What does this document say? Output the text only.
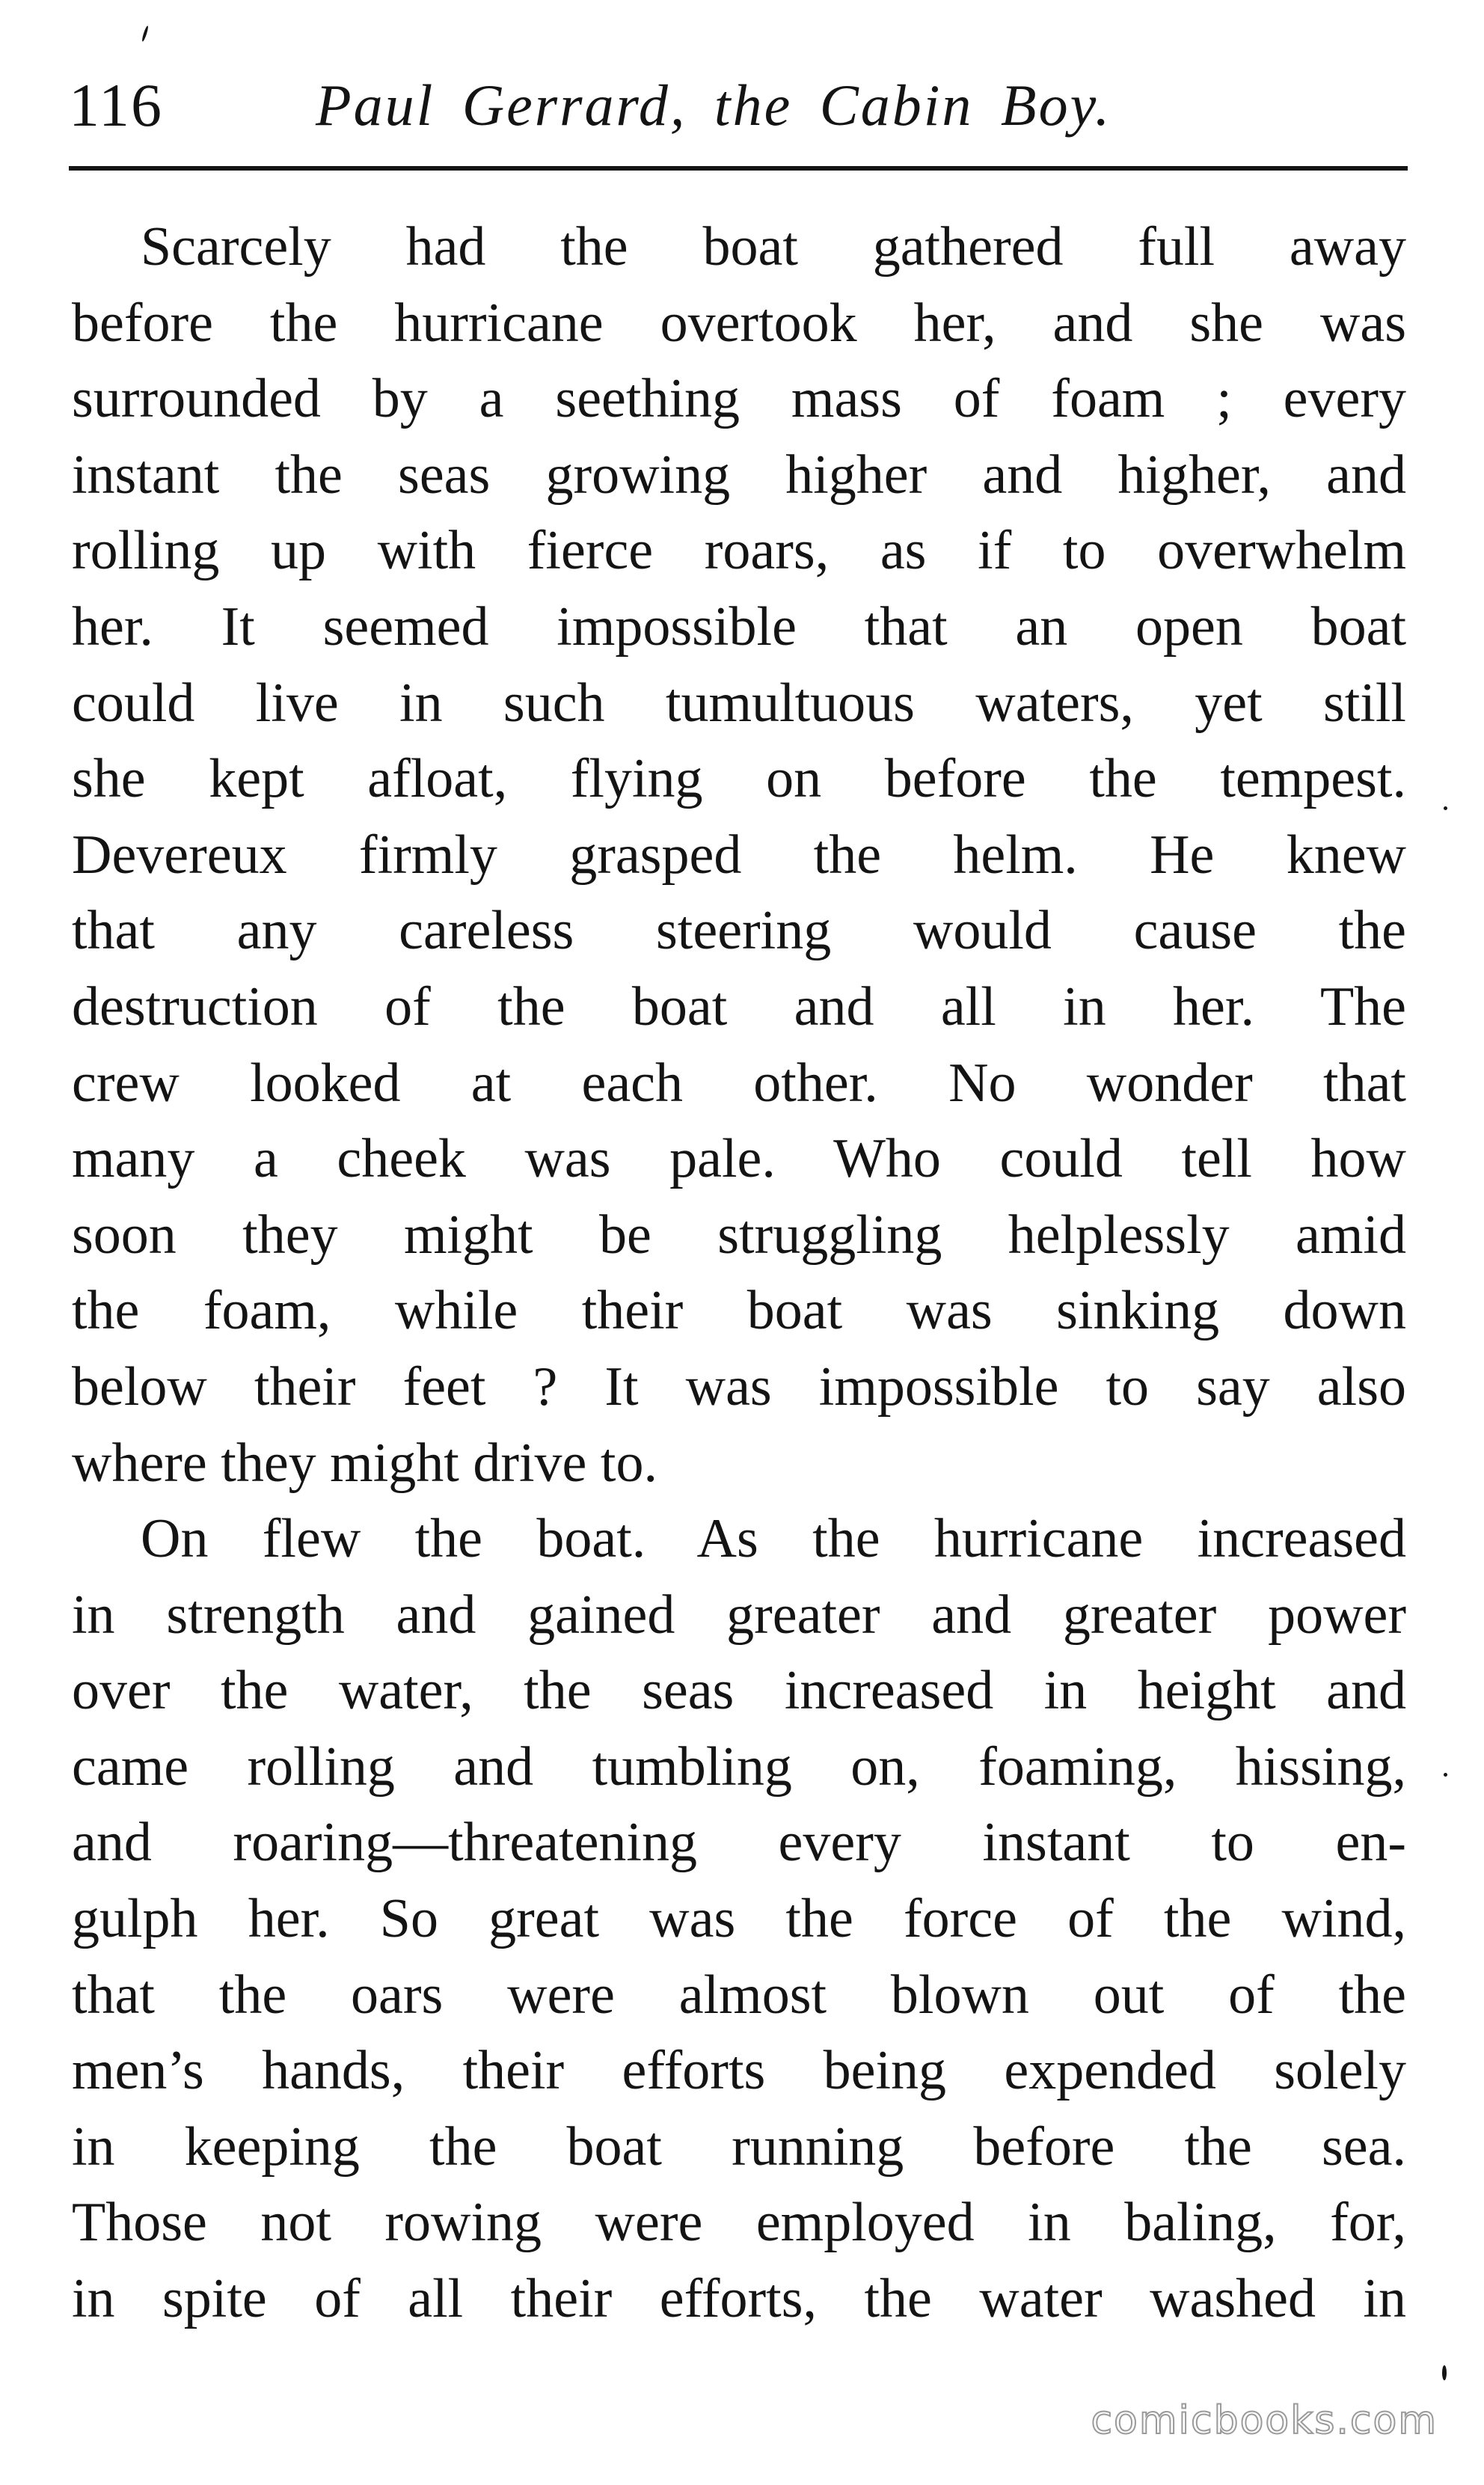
116	Paul Gerrard, the Cabin Boy.
Scarcely had the boat gathered full away
before the hurricane overtook her, and she was
surrounded by a seething mass of foam ; every
instant the seas growing higher and higher, and
rolling up with fierce roars, as if to overwhelm
her. It seemed impossible that an open boat
could live in such tumultuous waters, yet still
she kept afloat, flying on before the tempest.
Devereux firmly grasped the helm. He knew
that any careless steering would cause the
destruction of the boat and all in her. The
crew looked at each other. No wonder that
many a cheek was pale. Who could tell how
soon they might be struggling helplessly amid
the foam, while their boat was sinking down
below their feet ? It was impossible to say also
where they might drive to.
On flew the boat. As the hurricane increased
in strength and gained greater and greater power
over the water, the seas increased in height and
came rolling and tumbling on, foaming, hissing,
and roaring—threatening every instant to en-
gulph her. So great was the force of the wind,
that the oars were almost blown out of the
men’s hands, their efforts being expended solely
in keeping the boat running before the sea.
Those not rowing were employed in baling, for,
in spite of all their efforts, the water washed in
comicbooks.com
